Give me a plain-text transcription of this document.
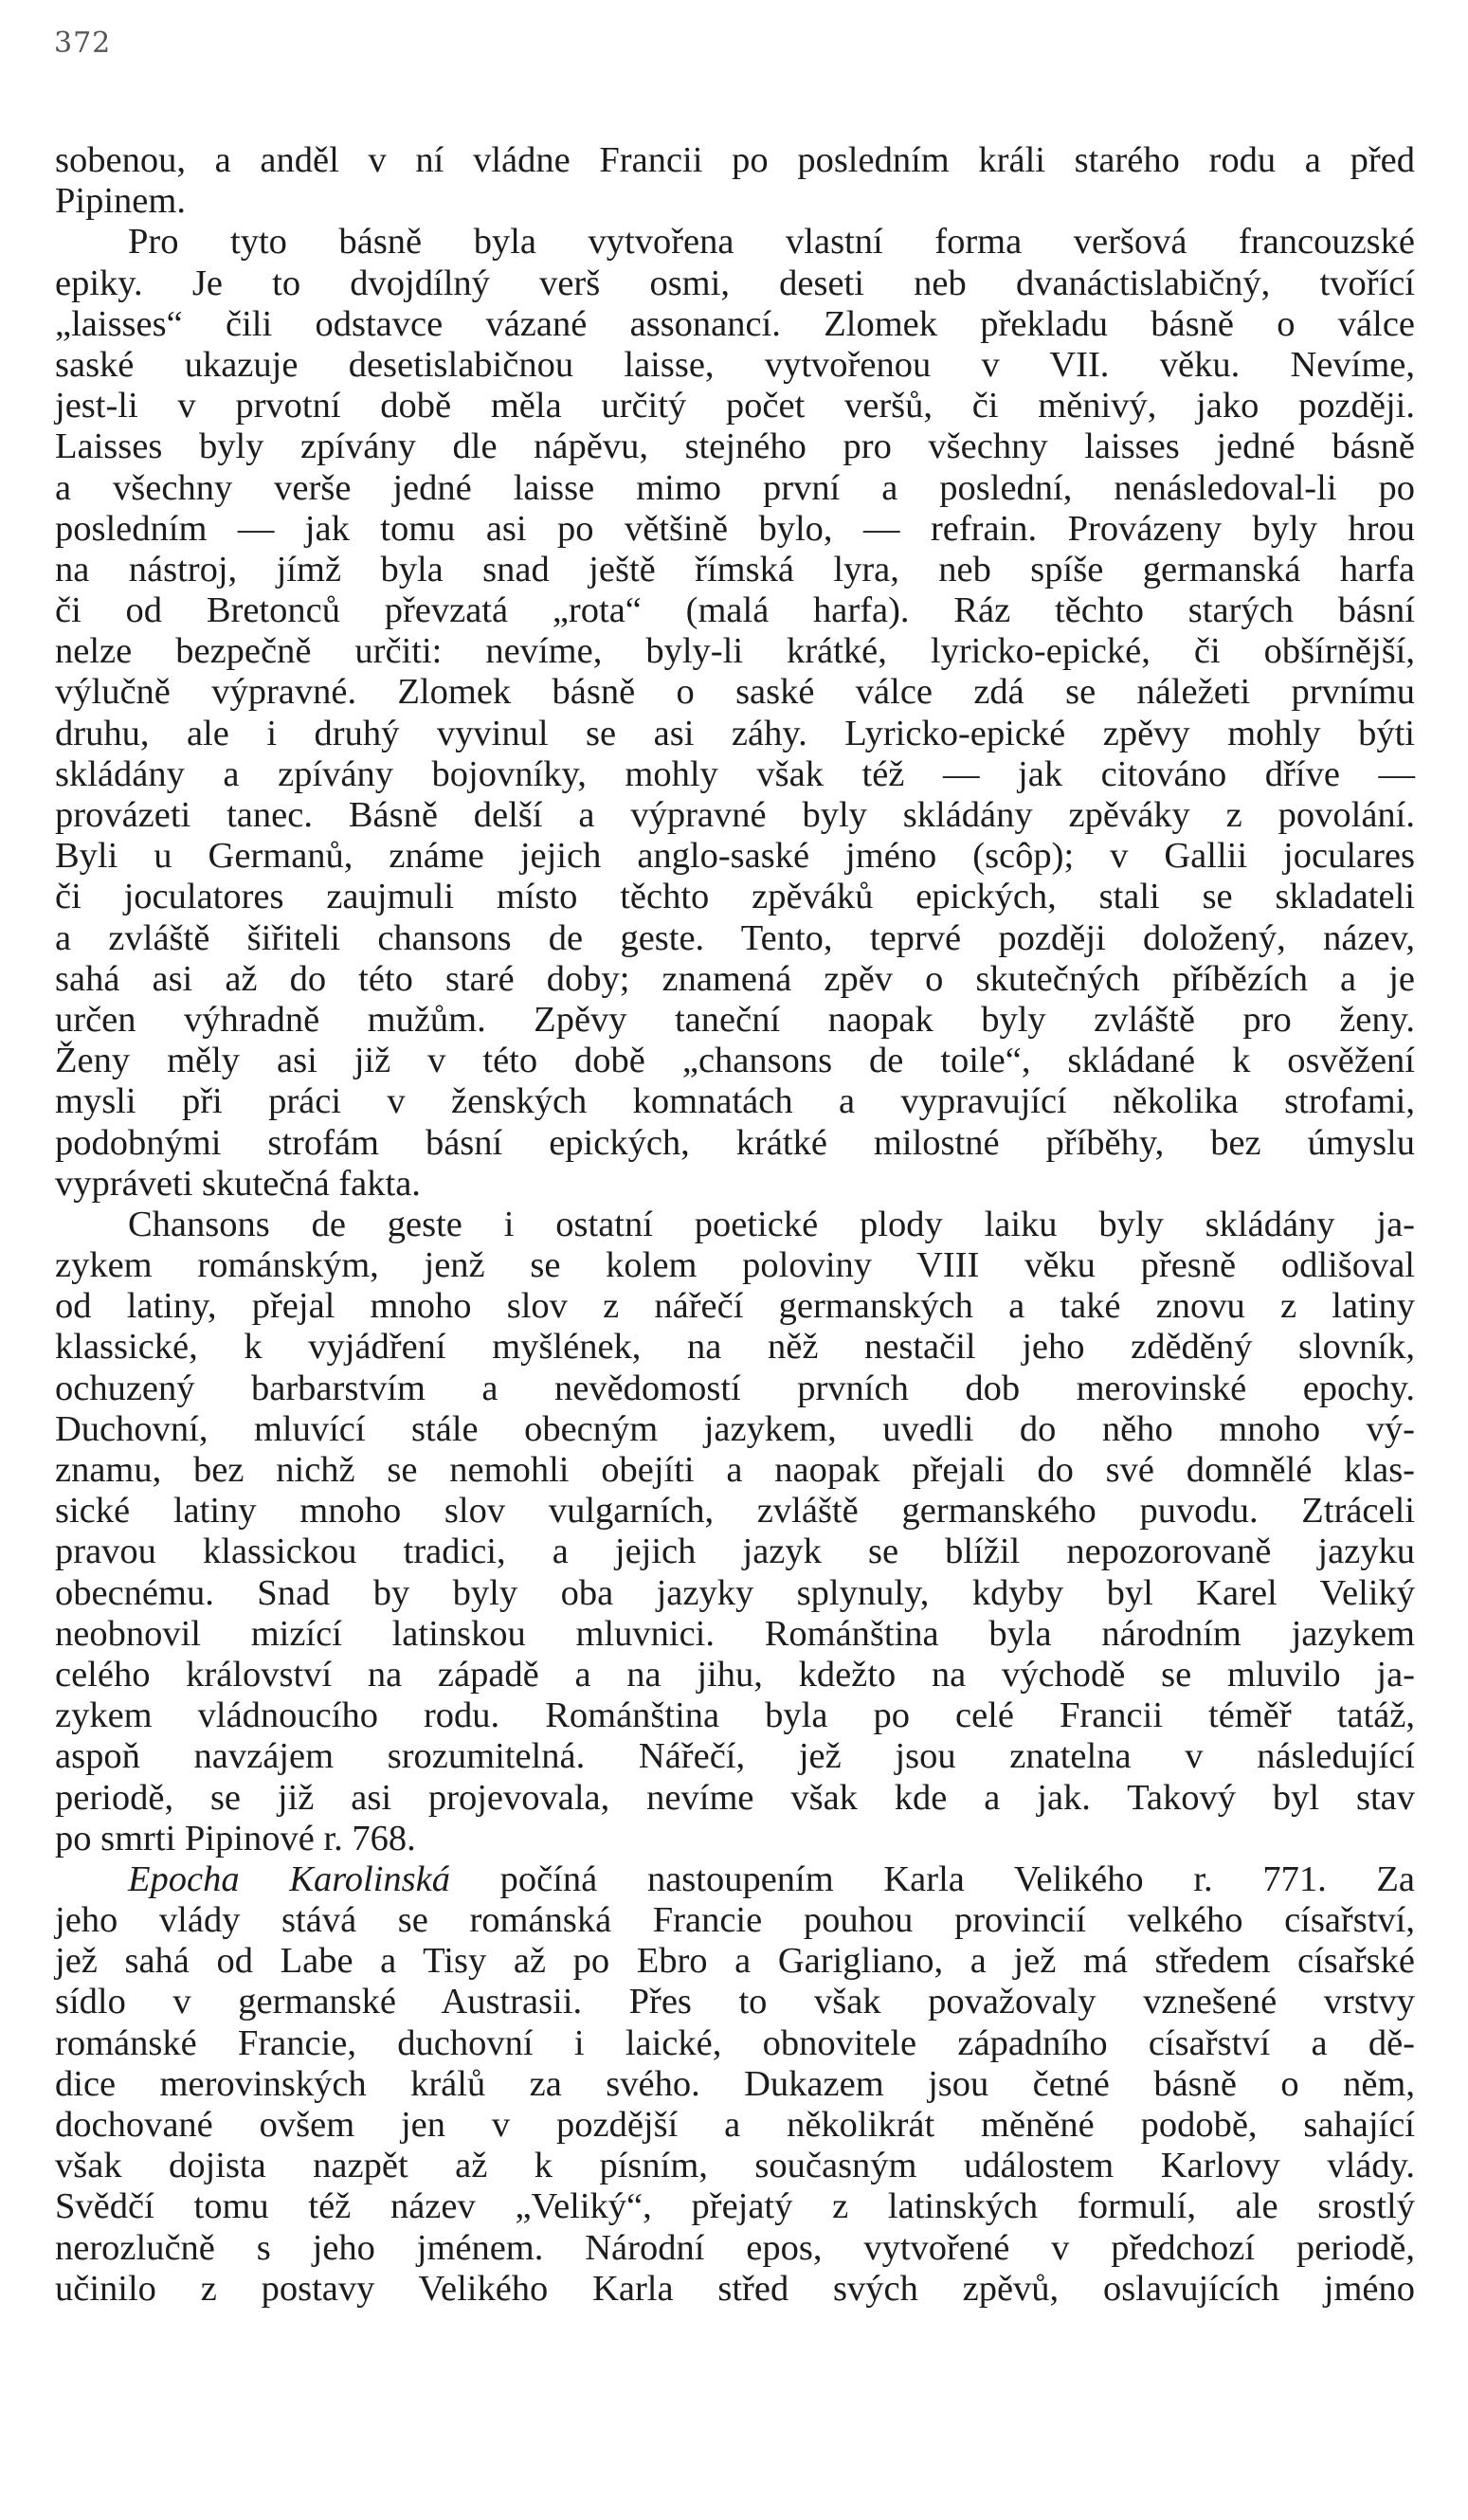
372
sobenou, a anděl v ní vládne Francii po posledním králi starého rodu a před
Pipinem.
  Pro tyto básně byla vytvořena vlastní forma veršová francouzské
epiky. Je to dvojdílný verš osmi, deseti neb dvanáctislabičný, tvořící
„laisses“ čili odstavce vázané assonancí. Zlomek překladu básně o válce
saské ukazuje desetislabičnou laisse, vytvořenou v VII. věku. Nevíme,
jest-li v prvotní době měla určitý počet veršů, či měnivý, jako později.
Laisses byly zpívány dle nápěvu, stejného pro všechny laisses jedné básně
a všechny verše jedné laisse mimo první a poslední, nenásledoval-li po
posledním — jak tomu asi po většině bylo, — refrain. Provázeny byly hrou
na nástroj, jímž byla snad ještě římská lyra, neb spíše germanská harfa
či od Bretonců převzatá „rota“ (malá harfa). Ráz těchto starých básní
nelze bezpečně určiti: nevíme, byly-li krátké, lyricko-epické, či obšírnější,
výlučně výpravné. Zlomek básně o saské válce zdá se náležeti prvnímu
druhu, ale i druhý vyvinul se asi záhy. Lyricko-epické zpěvy mohly býti
skládány a zpívány bojovníky, mohly však též — jak citováno dříve —
provázeti tanec. Básně delší a výpravné byly skládány zpěváky z povolání.
Byli u Germanů, známe jejich anglo-saské jméno (scôp); v Gallii joculares
či joculatores zaujmuli místo těchto zpěváků epických, stali se skladateli
a zvláště šiřiteli chansons de geste. Tento, teprvé později doložený, název,
sahá asi až do této staré doby; znamená zpěv o skutečných příbězích a je
určen výhradně mužům. Zpěvy taneční naopak byly zvláště pro ženy.
Ženy měly asi již v této době „chansons de toile“, skládané k osvěžení
mysli při práci v ženských komnatách a vypravující několika strofami,
podobnými strofám básní epických, krátké milostné příběhy, bez úmyslu
vypráveti skutečná fakta.
  Chansons de geste i ostatní poetické plody laiku byly skládány ja-
zykem románským, jenž se kolem poloviny VIII věku přesně odlišoval
od latiny, přejal mnoho slov z nářečí germanských a také znovu z latiny
klassické, k vyjádření myšlének, na něž nestačil jeho zděděný slovník,
ochuzený barbarstvím a nevědomostí prvních dob merovinské epochy.
Duchovní, mluvící stále obecným jazykem, uvedli do něho mnoho vý-
znamu, bez nichž se nemohli obejíti a naopak přejali do své domnělé klas-
sické latiny mnoho slov vulgarních, zvláště germanského puvodu. Ztráceli
pravou klassickou tradici, a jejich jazyk se blížil nepozorovaně jazyku
obecnému. Snad by byly oba jazyky splynuly, kdyby byl Karel Veliký
neobnovil mizící latinskou mluvnici. Románština byla národním jazykem
celého království na západě a na jihu, kdežto na východě se mluvilo ja-
zykem vládnoucího rodu. Románština byla po celé Francii téměř tatáž,
aspoň navzájem srozumitelná. Nářečí, jež jsou znatelna v následující
periodě, se již asi projevovala, nevíme však kde a jak. Takový byl stav
po smrti Pipinové r. 768.
  Epocha Karolinská počíná nastoupením Karla Velikého r. 771. Za
jeho vlády stává se románská Francie pouhou provincií velkého císařství,
jež sahá od Labe a Tisy až po Ebro a Garigliano, a jež má středem císařské
sídlo v germanské Austrasii. Přes to však považovaly vznešené vrstvy
románské Francie, duchovní i laické, obnovitele západního císařství a dě-
dice merovinských králů za svého. Dukazem jsou četné básně o něm,
dochované ovšem jen v pozdější a několikrát měněné podobě, sahající
však dojista nazpět až k písním, současným událostem Karlovy vlády.
Svědčí tomu též název „Veliký“, přejatý z latinských formulí, ale srostlý
nerozlučně s jeho jménem. Národní epos, vytvořené v předchozí periodě,
učinilo z postavy Velikého Karla střed svých zpěvů, oslavujících jméno
